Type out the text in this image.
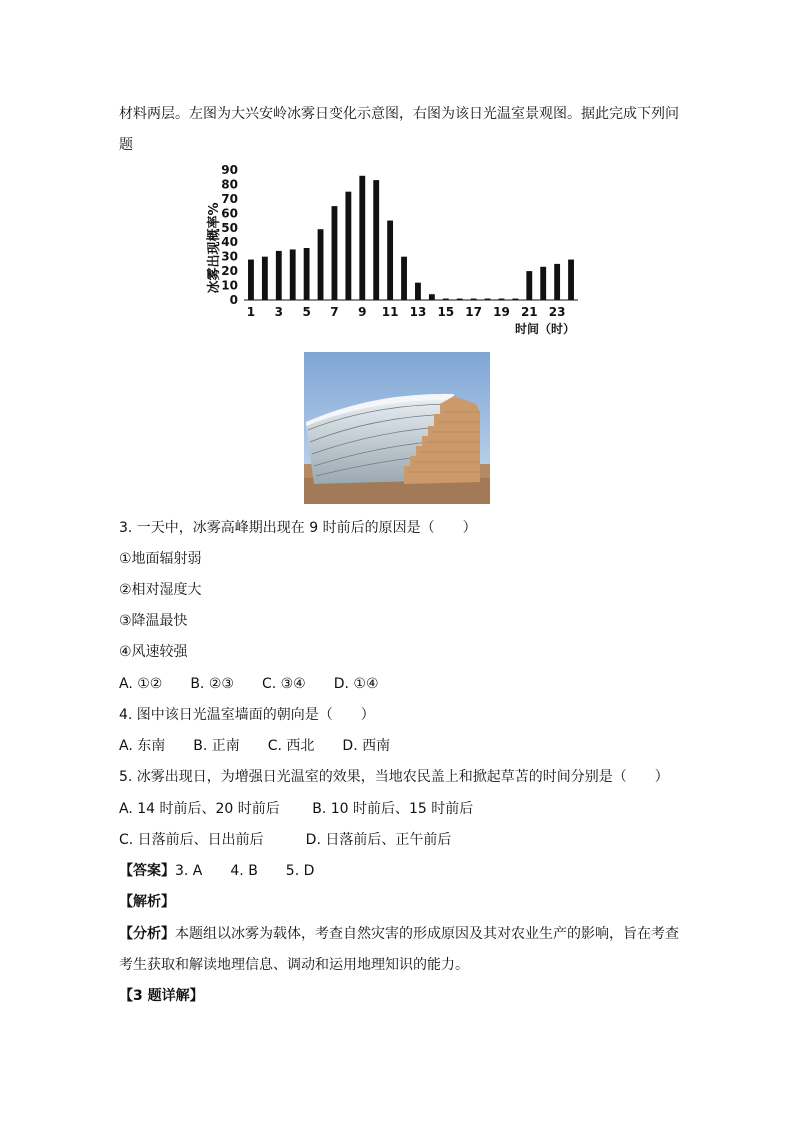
材料两层。左图为大兴安岭冰雾日变化示意图，右图为该日光温室景观图。据此完成下列问
题
冰雾出现概率%
0
10
20
30
40
50
60
70
80
90
1 3 5 7 9 11 13 15 17 19 21 23
时间（时）
3. 一天中，冰雾高峰期出现在 9 时前后的原因是（　　）
①地面辐射弱
②相对湿度大
③降温最快
④风速较强
A. ①②　　B. ②③　　C. ③④　　D. ①④
4. 图中该日光温室墙面的朝向是（　　）
A. 东南　　B. 正南　　C. 西北　　D. 西南
5. 冰雾出现日，为增强日光温室的效果，当地农民盖上和掀起草苫的时间分别是（　　）
A. 14 时前后、20 时前后　　 B. 10 时前后、15 时前后
C. 日落前后、日出前后　　　D. 日落前后、正午前后
【答案】3. A　　4. B　　5. D
【解析】
【分析】本题组以冰雾为载体，考查自然灾害的形成原因及其对农业生产的影响，旨在考查考生获取和解读地理信息、调动和运用地理知识的能力。
【3 题详解】
